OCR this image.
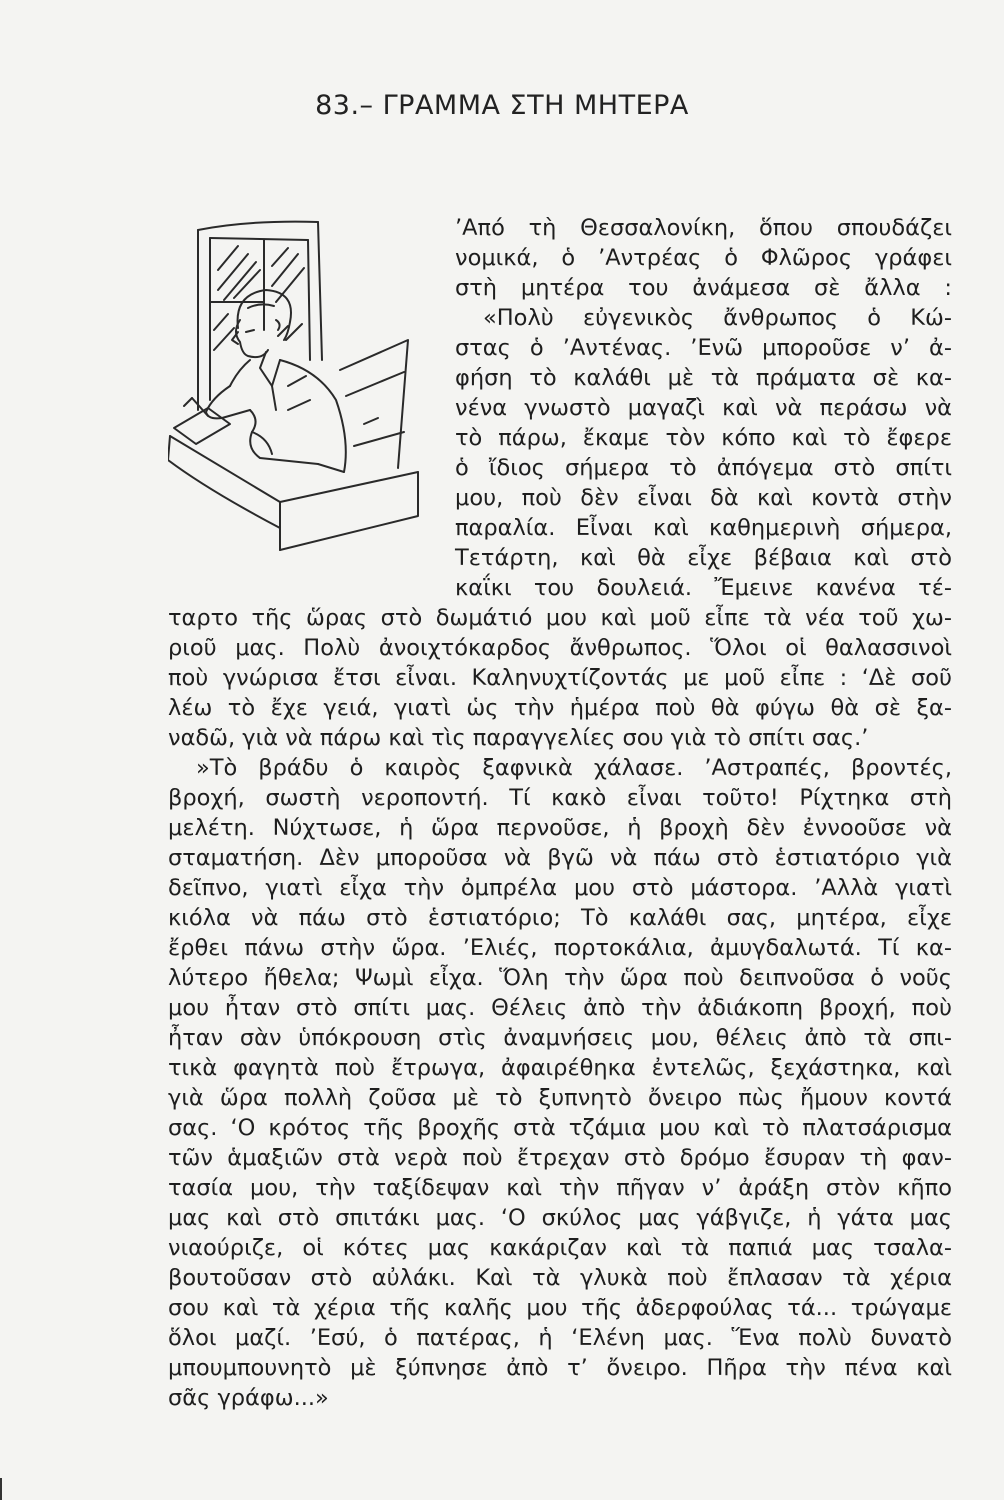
83.– ΓΡΑΜΜΑ ΣΤΗ ΜΗΤΕΡΑ
’Από τὴ Θεσσαλονίκη, ὅπου σπουδάζει
νομικά, ὁ ’Αντρέας ὁ Φλῶρος γράφει
στὴ μητέρα του ἀνάμεσα σὲ ἄλλα :
«Πολὺ εὐγενικὸς ἄνθρωπος ὁ Κώ-
στας ὁ ’Αντένας. ’Ενῶ μποροῦσε ν’ ἀ-
φήση τὸ καλάθι μὲ τὰ πράματα σὲ κα-
νένα γνωστὸ μαγαζὶ καὶ νὰ περάσω νὰ
τὸ πάρω, ἔκαμε τὸν κόπο καὶ τὸ ἔφερε
ὁ ἴδιος σήμερα τὸ ἀπόγεμα στὸ σπίτι
μου, ποὺ δὲν εἶναι δὰ καὶ κοντὰ στὴν
παραλία. Εἶναι καὶ καθημερινὴ σήμερα,
Τετάρτη, καὶ θὰ εἶχε βέβαια καὶ στὸ
καΐκι του δουλειά. Ἔμεινε κανένα τέ-
ταρτο τῆς ὥρας στὸ δωμάτιό μου καὶ μοῦ εἶπε τὰ νέα τοῦ χω-
ριοῦ μας. Πολὺ ἀνοιχτόκαρδος ἄνθρωπος. Ὅλοι οἱ θαλασσινοὶ
ποὺ γνώρισα ἔτσι εἶναι. Καληνυχτίζοντάς με μοῦ εἶπε : ‘Δὲ σοῦ
λέω τὸ ἔχε γειά, γιατὶ ὡς τὴν ἡμέρα ποὺ θὰ φύγω θὰ σὲ ξα-
ναδῶ, γιὰ νὰ πάρω καὶ τὶς παραγγελίες σου γιὰ τὸ σπίτι σας.’
»Τὸ βράδυ ὁ καιρὸς ξαφνικὰ χάλασε. ’Αστραπές, βροντές,
βροχή, σωστὴ νεροποντή. Τί κακὸ εἶναι τοῦτο! Ρίχτηκα στὴ
μελέτη. Νύχτωσε, ἡ ὥρα περνοῦσε, ἡ βροχὴ δὲν ἐννοοῦσε νὰ
σταματήση. Δὲν μποροῦσα νὰ βγῶ νὰ πάω στὸ ἑστιατόριο γιὰ
δεῖπνο, γιατὶ εἶχα τὴν ὀμπρέλα μου στὸ μάστορα. ’Αλλὰ γιατὶ
κιόλα νὰ πάω στὸ ἑστιατόριο; Τὸ καλάθι σας, μητέρα, εἶχε
ἔρθει πάνω στὴν ὥρα. ’Ελιές, πορτοκάλια, ἀμυγδαλωτά. Τί κα-
λύτερο ἤθελα; Ψωμὶ εἶχα. Ὅλη τὴν ὥρα ποὺ δειπνοῦσα ὁ νοῦς
μου ἦταν στὸ σπίτι μας. Θέλεις ἀπὸ τὴν ἀδιάκοπη βροχή, ποὺ
ἦταν σὰν ὑπόκρουση στὶς ἀναμνήσεις μου, θέλεις ἀπὸ τὰ σπι-
τικὰ φαγητὰ ποὺ ἔτρωγα, ἀφαιρέθηκα ἐντελῶς, ξεχάστηκα, καὶ
γιὰ ὥρα πολλὴ ζοῦσα μὲ τὸ ξυπνητὸ ὄνειρο πὼς ἤμουν κοντά
σας. ‘Ο κρότος τῆς βροχῆς στὰ τζάμια μου καὶ τὸ πλατσάρισμα
τῶν ἁμαξιῶν στὰ νερὰ ποὺ ἔτρεχαν στὸ δρόμο ἔσυραν τὴ φαν-
τασία μου, τὴν ταξίδεψαν καὶ τὴν πῆγαν ν’ ἀράξη στὸν κῆπο
μας καὶ στὸ σπιτάκι μας. ‘Ο σκύλος μας γάβγιζε, ἡ γάτα μας
νιαούριζε, οἱ κότες μας κακάριζαν καὶ τὰ παπιά μας τσαλα-
βουτοῦσαν στὸ αὐλάκι. Καὶ τὰ γλυκὰ ποὺ ἔπλασαν τὰ χέρια
σου καὶ τὰ χέρια τῆς καλῆς μου τῆς ἀδερφούλας τά... τρώγαμε
ὅλοι μαζί. ’Εσύ, ὁ πατέρας, ἡ ‘Ελένη μας. Ἕνα πολὺ δυνατὸ
μπουμπουνητὸ μὲ ξύπνησε ἀπὸ τ’ ὄνειρο. Πῆρα τὴν πένα καὶ
σᾶς γράφω...»
